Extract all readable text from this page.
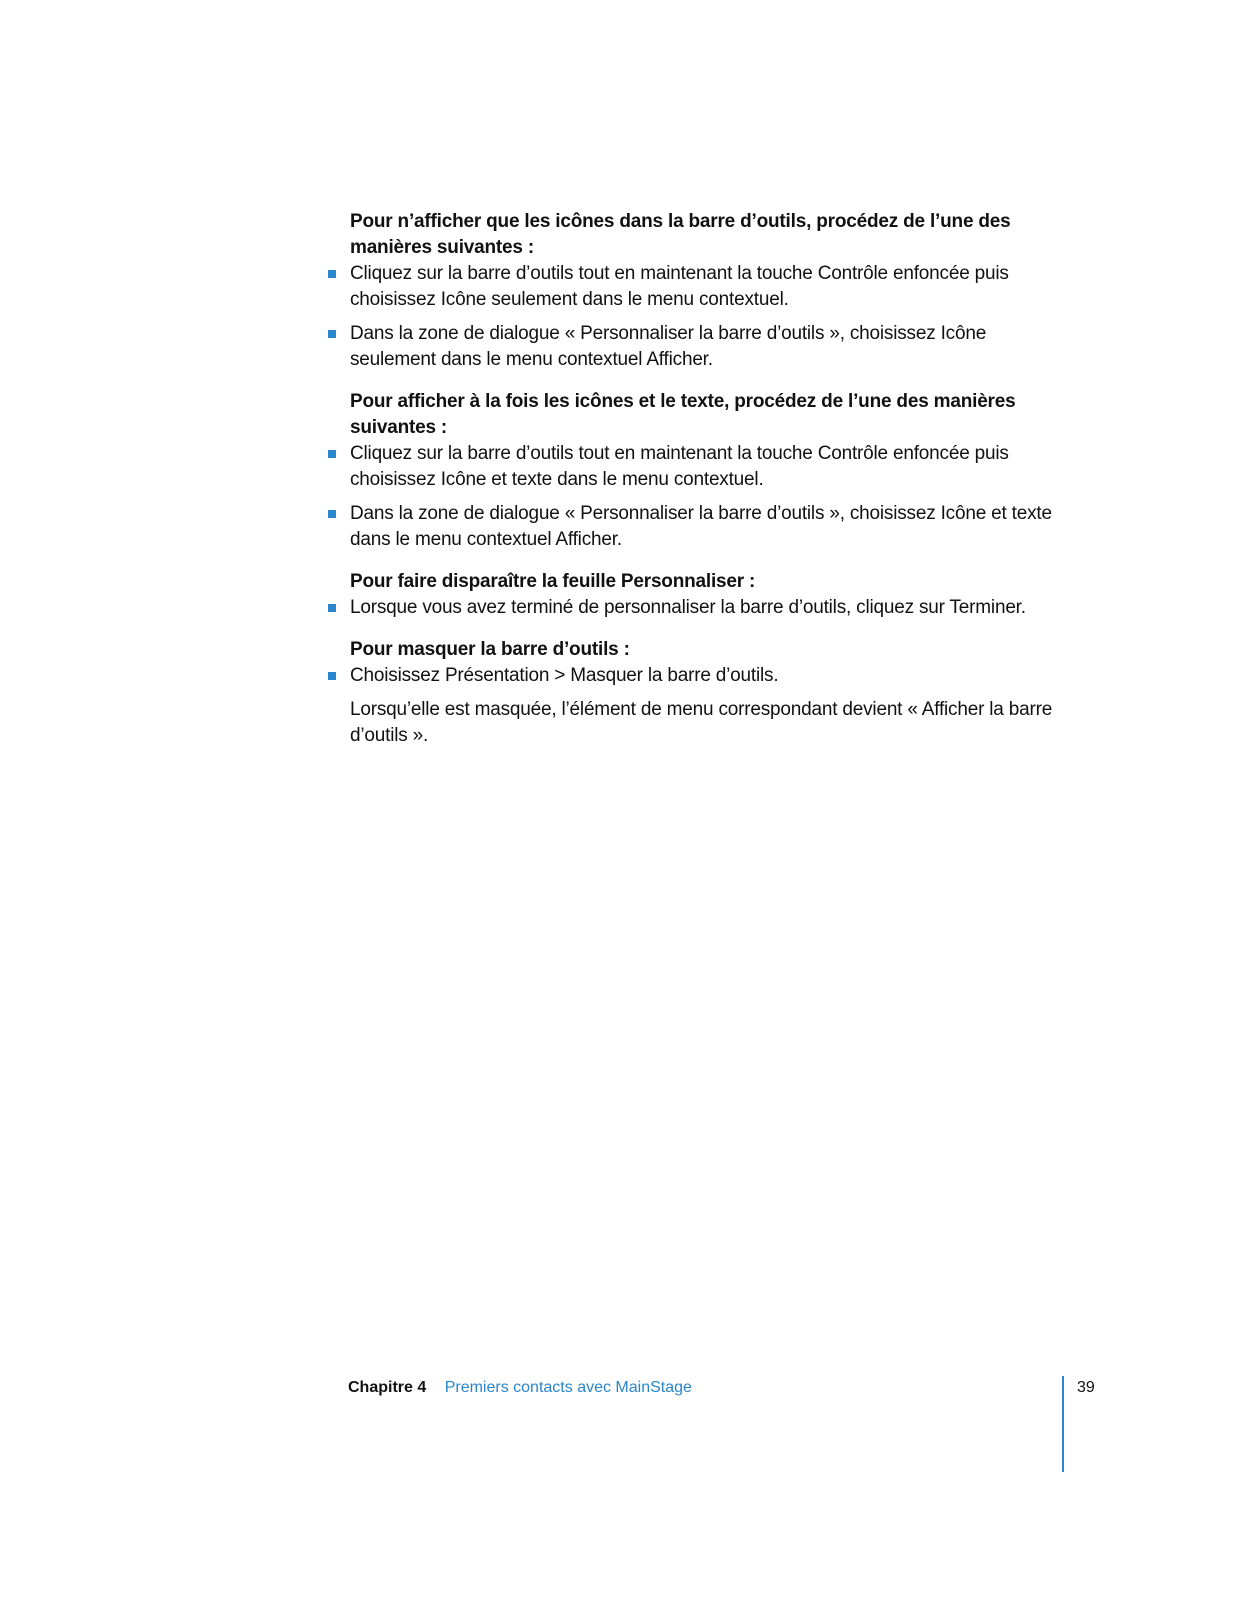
Pour n’afficher que les icônes dans la barre d’outils, procédez de l’une des manières suivantes :

Cliquez sur la barre d’outils tout en maintenant la touche Contrôle enfoncée puis choisissez Icône seulement dans le menu contextuel.
Dans la zone de dialogue « Personnaliser la barre d’outils », choisissez Icône seulement dans le menu contextuel Afficher.

Pour afficher à la fois les icônes et le texte, procédez de l’une des manières suivantes :

Cliquez sur la barre d’outils tout en maintenant la touche Contrôle enfoncée puis choisissez Icône et texte dans le menu contextuel.
Dans la zone de dialogue « Personnaliser la barre d’outils », choisissez Icône et texte dans le menu contextuel Afficher.

Pour faire disparaître la feuille Personnaliser :

Lorsque vous avez terminé de personnaliser la barre d’outils, cliquez sur Terminer.

Pour masquer la barre d’outils :

Choisissez Présentation > Masquer la barre d’outils.

Lorsqu’elle est masquée, l’élément de menu correspondant devient « Afficher la barre d’outils ».

Chapitre 4 Premiers contacts avec MainStage	39
